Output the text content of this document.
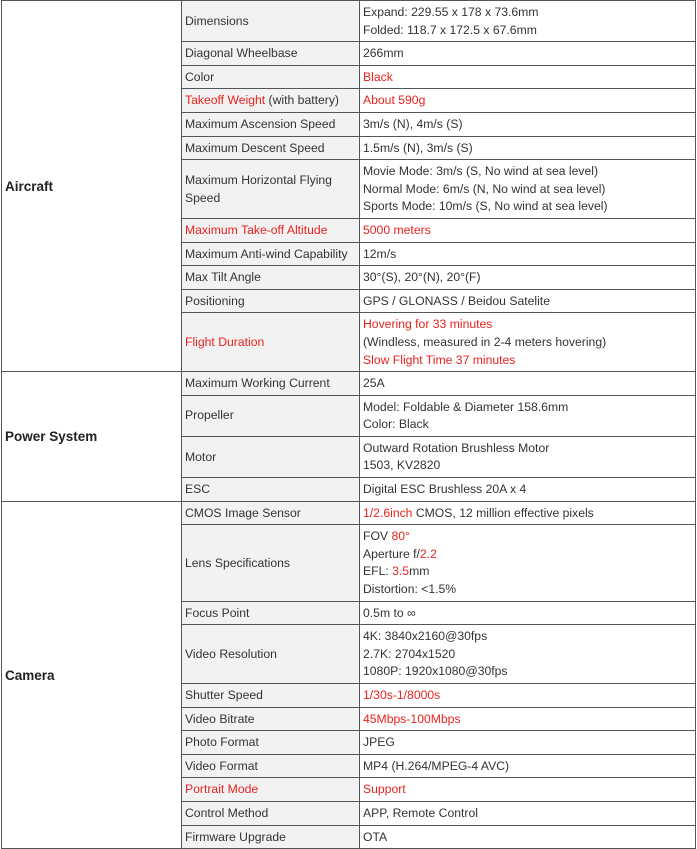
Aircraft	Dimensions	Expand: 229.55 x 178 x 73.6mm
Folded: 118.7 x 172.5 x 67.6mm

	Diagonal Wheelbase	266mm

	Color	Black

	Takeoff Weight (with battery)	About 590g

	Maximum Ascension Speed	3m/s (N), 4m/s (S)

	Maximum Descent Speed	1.5m/s (N), 3m/s (S)

	Maximum Horizontal Flying Speed	Movie Mode: 3m/s (S, No wind at sea level)
Normal Mode: 6m/s (N, No wind at sea level)
Sports Mode: 10m/s (S, No wind at sea level)

	Maximum Take-off Altitude	5000 meters

	Maximum Anti-wind Capability	12m/s

	Max Tilt Angle	30°(S), 20°(N), 20°(F)

	Positioning	GPS / GLONASS / Beidou Satelite

	Flight Duration	Hovering for 33 minutes
(Windless, measured in 2-4 meters hovering)
Slow Flight Time 37 minutes

Power System	Maximum Working Current	25A

	Propeller	Model: Foldable & Diameter 158.6mm
Color: Black

	Motor	Outward Rotation Brushless Motor
1503, KV2820

	ESC	Digital ESC Brushless 20A x 4

Camera	CMOS Image Sensor	1/2.6inch CMOS, 12 million effective pixels

	Lens Specifications	FOV 80°
Aperture f/2.2
EFL: 3.5mm
Distortion: <1.5%

	Focus Point	0.5m to ∞

	Video Resolution	4K: 3840x2160@30fps
2.7K: 2704x1520
1080P: 1920x1080@30fps

	Shutter Speed	1/30s-1/8000s

	Video Bitrate	45Mbps-100Mbps

	Photo Format	JPEG

	Video Format	MP4 (H.264/MPEG-4 AVC)

	Portrait Mode	Support

	Control Method	APP, Remote Control

	Firmware Upgrade	OTA
